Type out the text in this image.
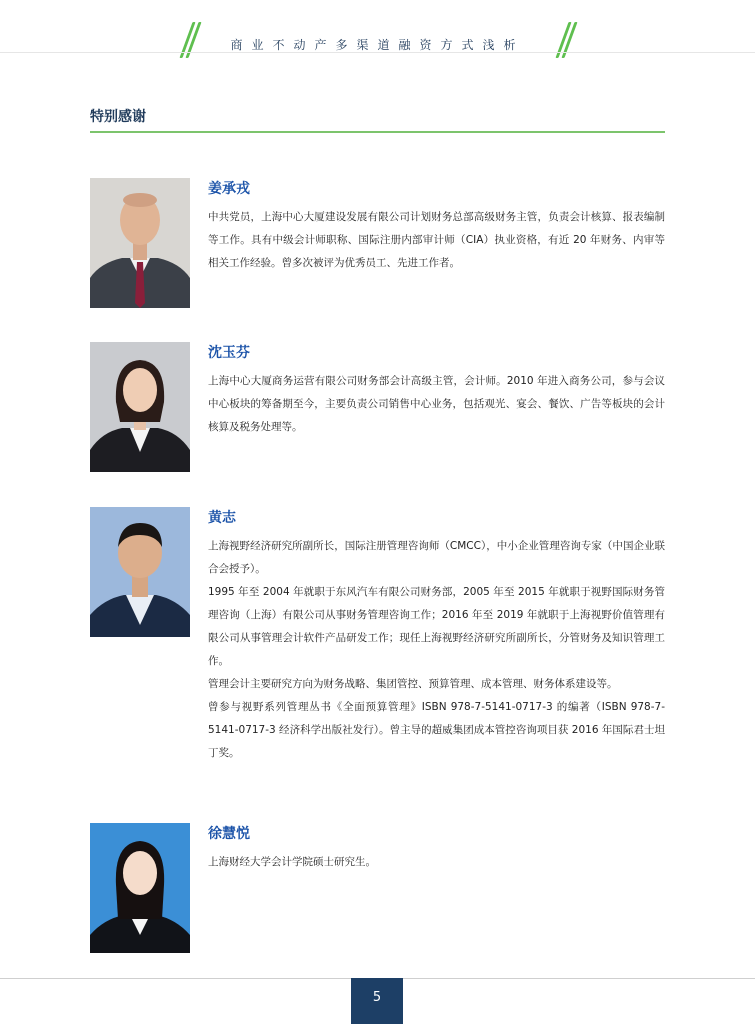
商业不动产多渠道融资方式浅析
特别感谢
姜承戎

中共党员，上海中心大厦建设发展有限公司计划财务总部高级财务主管，负责会计核算、报表编制等工作。具有中级会计师职称、国际注册内部审计师（CIA）执业资格，有近 20 年财务、内审等相关工作经验。曾多次被评为优秀员工、先进工作者。

沈玉芬

上海中心大厦商务运营有限公司财务部会计高级主管，会计师。2010 年进入商务公司，参与会议中心板块的筹备期至今，主要负责公司销售中心业务，包括观光、宴会、餐饮、广告等板块的会计核算及税务处理等。

黄志

上海视野经济研究所副所长，国际注册管理咨询师（CMCC），中小企业管理咨询专家（中国企业联合会授予）。

1995 年至 2004 年就职于东风汽车有限公司财务部，2005 年至 2015 年就职于视野国际财务管理咨询（上海）有限公司从事财务管理咨询工作；2016 年至 2019 年就职于上海视野价值管理有限公司从事管理会计软件产品研发工作；现任上海视野经济研究所副所长，分管财务及知识管理工作。

管理会计主要研究方向为财务战略、集团管控、预算管理、成本管理、财务体系建设等。

曾参与视野系列管理丛书《全面预算管理》ISBN 978-7-5141-0717-3 的编著（ISBN 978-7-5141-0717-3 经济科学出版社发行）。曾主导的超威集团成本管控咨询项目获 2016 年国际君士坦丁奖。

徐慧悦

上海财经大学会计学院硕士研究生。

5
